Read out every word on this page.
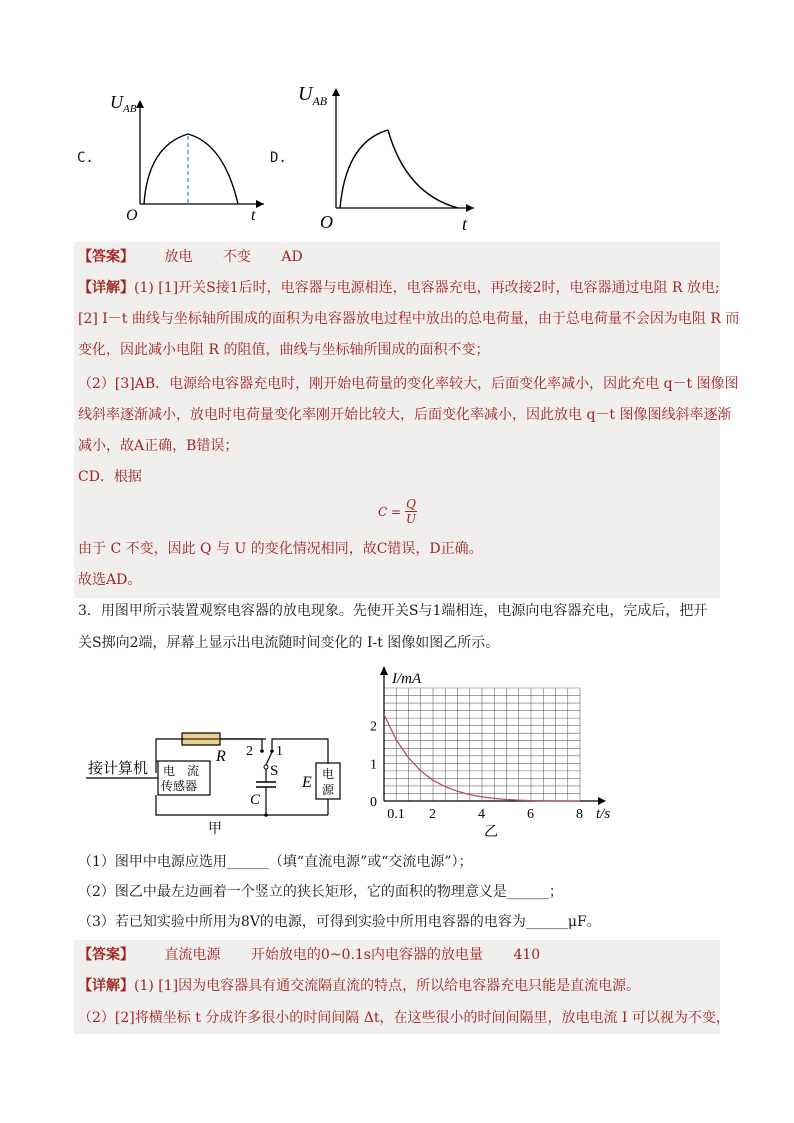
C.
$U_{AB}$
O	t
D.
$U_{AB}$
O	t
【答案】 放电 不变 AD
【详解】(1) [1]开关S接1后时，电容器与电源相连，电容器充电，再改接2时，电容器通过电阻 R 放电;
[2] I－t 曲线与坐标轴所围成的面积为电容器放电过程中放出的总电荷量，由于总电荷量不会因为电阻 R 而
变化，因此减小电阻 R 的阻值，曲线与坐标轴所围成的面积不变；
（2）[3]AB．电源给电容器充电时，刚开始电荷量的变化率较大，后面变化率减小，因此充电 q－t 图像图
线斜率逐渐减小，放电时电荷量变化率刚开始比较大，后面变化率减小，因此放电 q－t 图像图线斜率逐渐
减小，故A正确，B错误；
CD．根据
C =
Q
U
由于 C 不变，因此 Q 与 U 的变化情况相同，故C错误，D正确。
故选AD。
3．用图甲所示装置观察电容器的放电现象。先使开关S与1端相连，电源向电容器充电，完成后，把开
关S掷向2端，屏幕上显示出电流随时间变化的 I-t 图像如图乙所示。
R 2 1
S
C
E 电
源
电　流
传感器
接计算机
甲
0.1 2	4	6	8
0
1
2
I/mA
t/s
乙
（1）图甲中电源应选用______（填“直流电源”或“交流电源”）；
（2）图乙中最左边画着一个竖立的狭长矩形，它的面积的物理意义是______；
（3）若已知实验中所用为8V的电源，可得到实验中所用电容器的电容为______μF。
【答案】 直流电源 开始放电的0~0.1s内电容器的放电量 410
【详解】(1) [1]因为电容器具有通交流隔直流的特点，所以给电容器充电只能是直流电源。
（2）[2]将横坐标 t 分成许多很小的时间间隔 Δt，在这些很小的时间间隔里，放电电流 I 可以视为不变，
